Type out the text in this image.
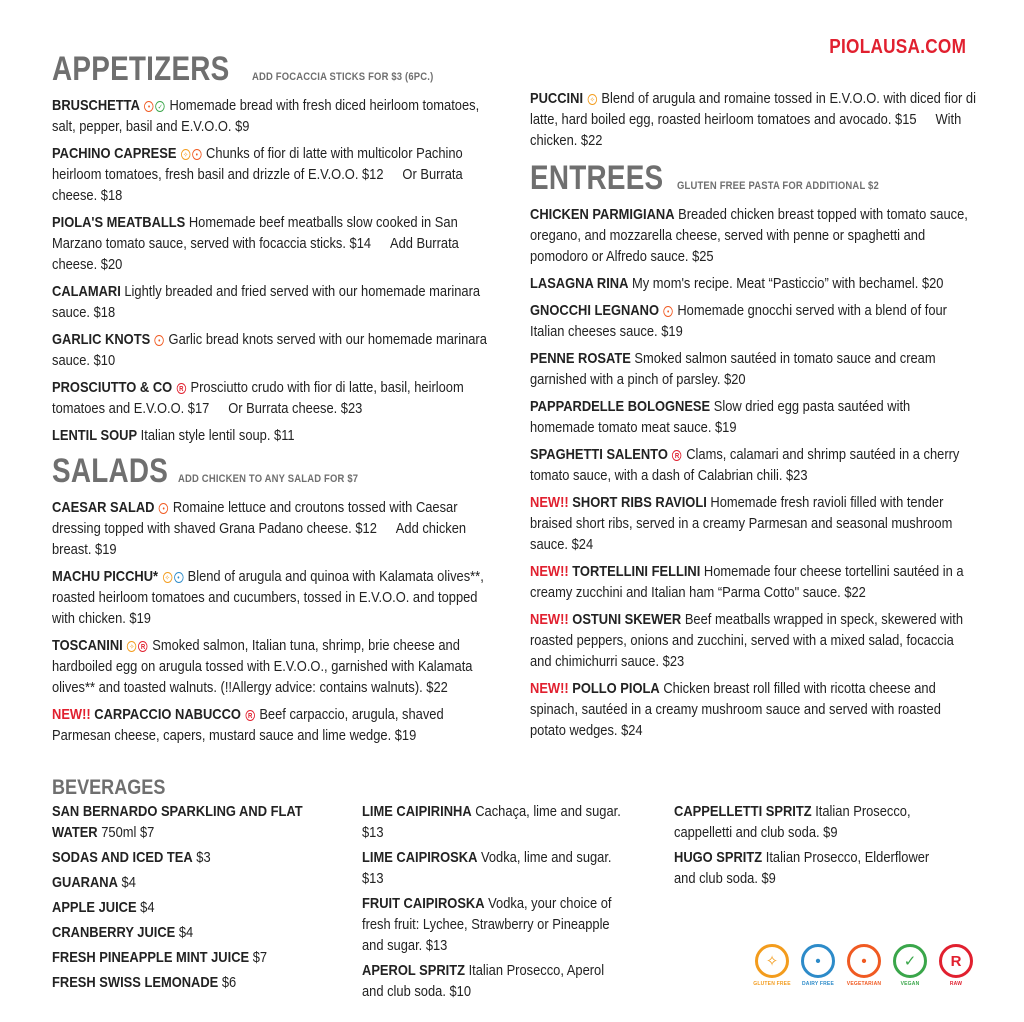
PIOLAUSA.COM
APPETIZERS ADD FOCACCIA STICKS FOR $3 (6PC.)
BRUSCHETTA • ✓ Homemade bread with fresh diced heirloom tomatoes, salt, pepper, basil and E.V.O.O. $9
PACHINO CAPRESE ✧ • Chunks of fior di latte with multicolor Pachino heirloom tomatoes, fresh basil and drizzle of E.V.O.O. $12 Or Burrata cheese. $18
PIOLA'S MEATBALLS Homemade beef meatballs slow cooked in San Marzano tomato sauce, served with focaccia sticks. $14 Add Burrata cheese. $20
CALAMARI Lightly breaded and fried served with our homemade marinara sauce. $18
GARLIC KNOTS • Garlic bread knots served with our homemade marinara sauce. $10
PROSCIUTTO & CO R Prosciutto crudo with fior di latte, basil, heirloom tomatoes and E.V.O.O. $17 Or Burrata cheese. $23
LENTIL SOUP Italian style lentil soup. $11
SALADS ADD CHICKEN TO ANY SALAD FOR $7
CAESAR SALAD • Romaine lettuce and croutons tossed with Caesar dressing topped with shaved Grana Padano cheese. $12 Add chicken breast. $19
MACHU PICCHU* ✧ • Blend of arugula and quinoa with Kalamata olives**, roasted heirloom tomatoes and cucumbers, tossed in E.V.O.O. and topped with chicken. $19
TOSCANINI ✧ R Smoked salmon, Italian tuna, shrimp, brie cheese and hardboiled egg on arugula tossed with E.V.O.O., garnished with Kalamata olives** and toasted walnuts. (!!Allergy advice: contains walnuts). $22
NEW!! CARPACCIO NABUCCO R Beef carpaccio, arugula, shaved Parmesan cheese, capers, mustard sauce and lime wedge. $19
PUCCINI ✧ Blend of arugula and romaine tossed in E.V.O.O. with diced fior di latte, hard boiled egg, roasted heirloom tomatoes and avocado. $15 With chicken. $22
ENTREES GLUTEN FREE PASTA FOR ADDITIONAL $2
CHICKEN PARMIGIANA Breaded chicken breast topped with tomato sauce, oregano, and mozzarella cheese, served with penne or spaghetti and pomodoro or Alfredo sauce. $25
LASAGNA RINA My mom's recipe. Meat “Pasticcio” with bechamel. $20
GNOCCHI LEGNANO • Homemade gnocchi served with a blend of four Italian cheeses sauce. $19
PENNE ROSATE Smoked salmon sautéed in tomato sauce and cream garnished with a pinch of parsley. $20
PAPPARDELLE BOLOGNESE Slow dried egg pasta sautéed with homemade tomato meat sauce. $19
SPAGHETTI SALENTO R Clams, calamari and shrimp sautéed in a cherry tomato sauce, with a dash of Calabrian chili. $23
NEW!! SHORT RIBS RAVIOLI Homemade fresh ravioli filled with tender braised short ribs, served in a creamy Parmesan and seasonal mushroom sauce. $24
NEW!! TORTELLINI FELLINI Homemade four cheese tortellini sautéed in a creamy zucchini and Italian ham “Parma Cotto" sauce. $22
NEW!! OSTUNI SKEWER Beef meatballs wrapped in speck, skewered with roasted peppers, onions and zucchini, served with a mixed salad, focaccia and chimichurri sauce. $23
NEW!! POLLO PIOLA Chicken breast roll filled with ricotta cheese and spinach, sautéed in a creamy mushroom sauce and served with roasted potato wedges. $24
BEVERAGES
SAN BERNARDO SPARKLING AND FLAT WATER 750ml $7
SODAS AND ICED TEA $3
GUARANA $4
APPLE JUICE $4
CRANBERRY JUICE $4
FRESH PINEAPPLE MINT JUICE $7
FRESH SWISS LEMONADE $6
LIME CAIPIRINHA Cachaça, lime and sugar. $13
LIME CAIPIROSKA Vodka, lime and sugar. $13
FRUIT CAIPIROSKA Vodka, your choice of fresh fruit: Lychee, Strawberry or Pineapple and sugar. $13
APEROL SPRITZ Italian Prosecco, Aperol and club soda. $10
CAPPELLETTI SPRITZ Italian Prosecco, cappelletti and club soda. $9
HUGO SPRITZ Italian Prosecco, Elderflower and club soda. $9
✧
GLUTEN FREE
•
DAIRY FREE
•
VEGETARIAN
✓
VEGAN
R
RAW
